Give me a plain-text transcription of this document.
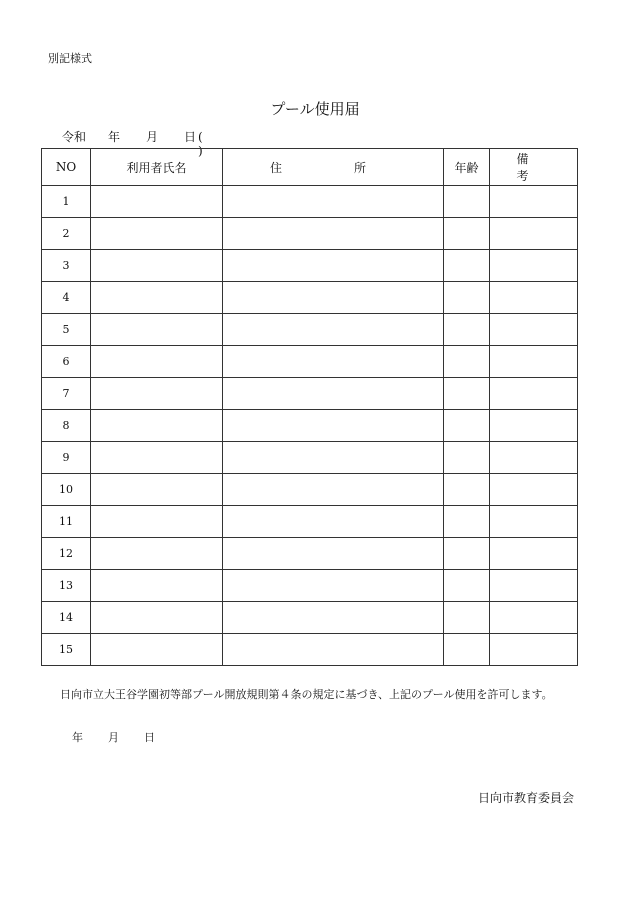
別記様式
プール使用届
令和	年	月	日 ( )
NO	利用者氏名	住　所	年齢	備　考
1				
2				
3				
4				
5				
6				
7				
8				
9				
10				
11				
12				
13				
14				
15				
日向市立大王谷学園初等部プール開放規則第４条の規定に基づき、上記のプール使用を許可します。
年	月	日
日向市教育委員会
